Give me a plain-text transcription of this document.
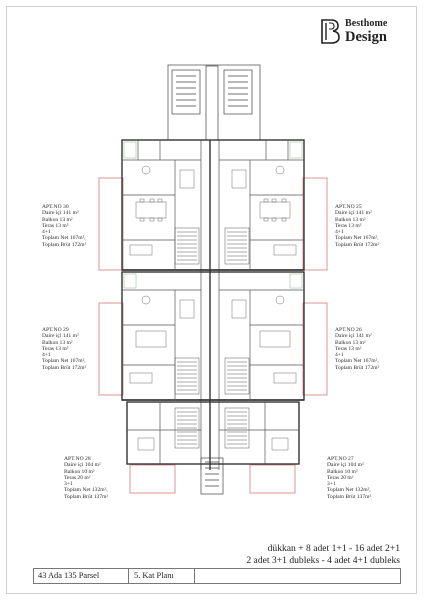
Besthome
Design
APT.NO 30
Daire içi 141 m²
Balkon 13 m²
Teras 13 m²
4+1
Toplam Net 167m²,
Toplam Brüt 172m²
APT.NO 25
Daire içi 141 m²
Balkon 13 m²
Teras 13 m²
4+1
Toplam Net 167m²,
Toplam Brüt 172m²
APT.NO 29
Daire içi 141 m²
Balkon 13 m²
Teras 13 m²
4+1
Toplam Net 167m²,
Toplam Brüt 172m²
APT.NO 26
Daire içi 141 m²
Balkon 13 m²
Teras 13 m²
4+1
Toplam Net 167m²,
Toplam Brüt 172m²
APT.NO 28
Daire içi 104 m²
Balkon 10 m²
Teras 20 m²
3+1
Toplam Net 132m²,
Toplam Brüt 137m²
APT.NO 27
Daire içi 104 m²
Balkon 10 m²
Teras 20 m²
3+1
Toplam Net 132m²,
Toplam Brüt 137m²
dükkan + 8 adet 1+1 - 16 adet 2+1
2 adet 3+1 dubleks - 4 adet 4+1 dubleks
43 Ada 135 Parsel	5. Kat Planı
